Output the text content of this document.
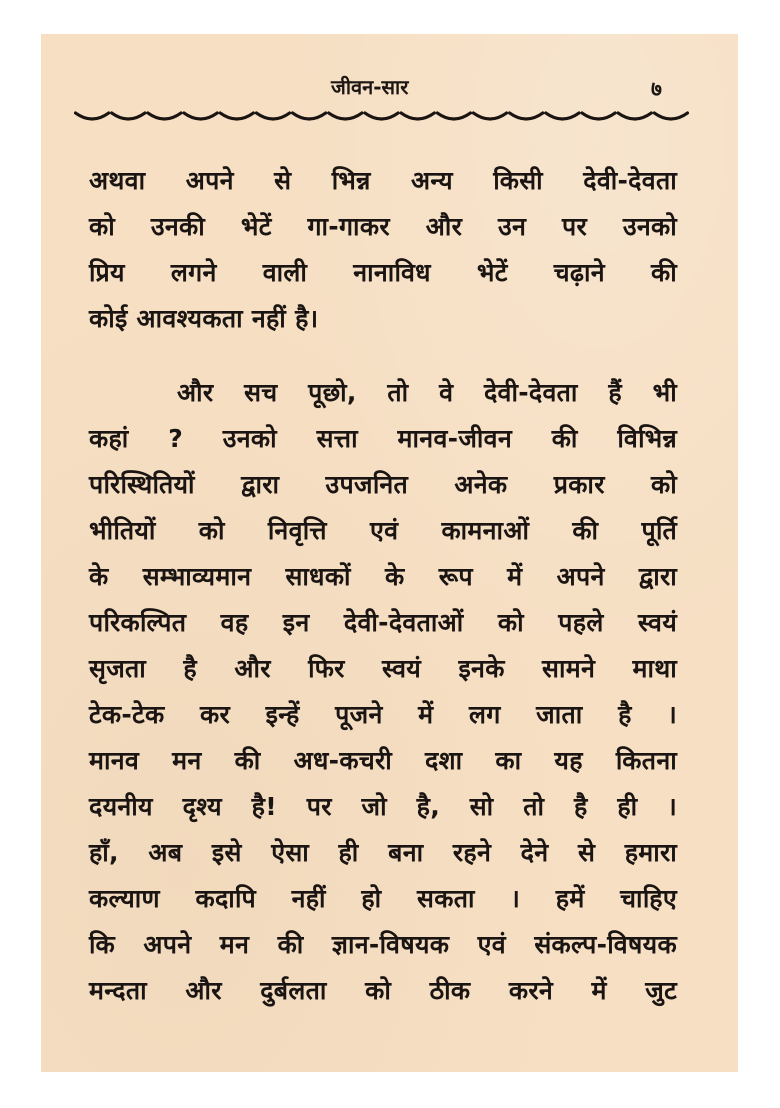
जीवन-सार	७
अथवा अपने से भिन्न अन्य किसी देवी-देवता
को उनकी भेटें गा-गाकर और उन पर उनको
प्रिय लगने वाली नानाविध भेटें चढ़ाने की
कोई आवश्यकता नहीं है।
और सच पूछो, तो वे देवी-देवता हैं भी
कहां ? उनको सत्ता मानव-जीवन की विभिन्न
परिस्थितियों द्वारा उपजनित अनेक प्रकार को
भीतियों को निवृत्ति एवं कामनाओं की पूर्ति
के सम्भाव्यमान साधकों के रूप में अपने द्वारा
परिकल्पित वह इन देवी-देवताओं को पहले स्वयं
सृजता है और फिर स्वयं इनके सामने माथा
टेक-टेक कर इन्हें पूजने में लग जाता है ।
मानव मन की अध-कचरी दशा का यह कितना
दयनीय दृश्य है! पर जो है, सो तो है ही ।
हाँ, अब इसे ऐसा ही बना रहने देने से हमारा
कल्याण कदापि नहीं हो सकता । हमें चाहिए
कि अपने मन की ज्ञान-विषयक एवं संकल्प-विषयक
मन्दता और दुर्बलता को ठीक करने में जुट
